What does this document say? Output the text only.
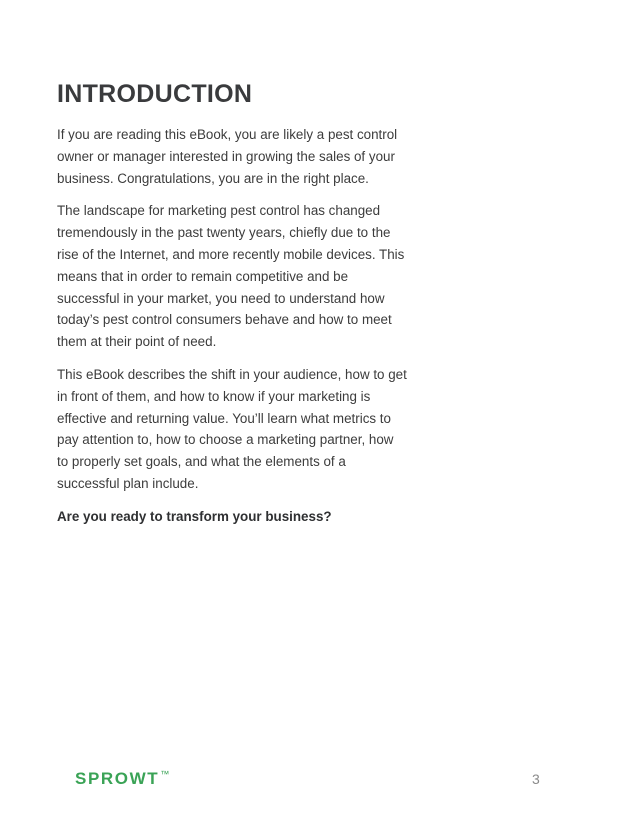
INTRODUCTION

If you are reading this eBook, you are likely a pest control owner or manager interested in growing the sales of your business. Congratulations, you are in the right place.

The landscape for marketing pest control has changed tremendously in the past twenty years, chiefly due to the rise of the Internet, and more recently mobile devices. This means that in order to remain competitive and be successful in your market, you need to understand how today’s pest control consumers behave and how to meet them at their point of need.

This eBook describes the shift in your audience, how to get in front of them, and how to know if your marketing is effective and returning value. You’ll learn what metrics to pay attention to, how to choose a marketing partner, how to properly set goals, and what the elements of a successful plan include.

Are you ready to transform your business?

SPROWT™	3
